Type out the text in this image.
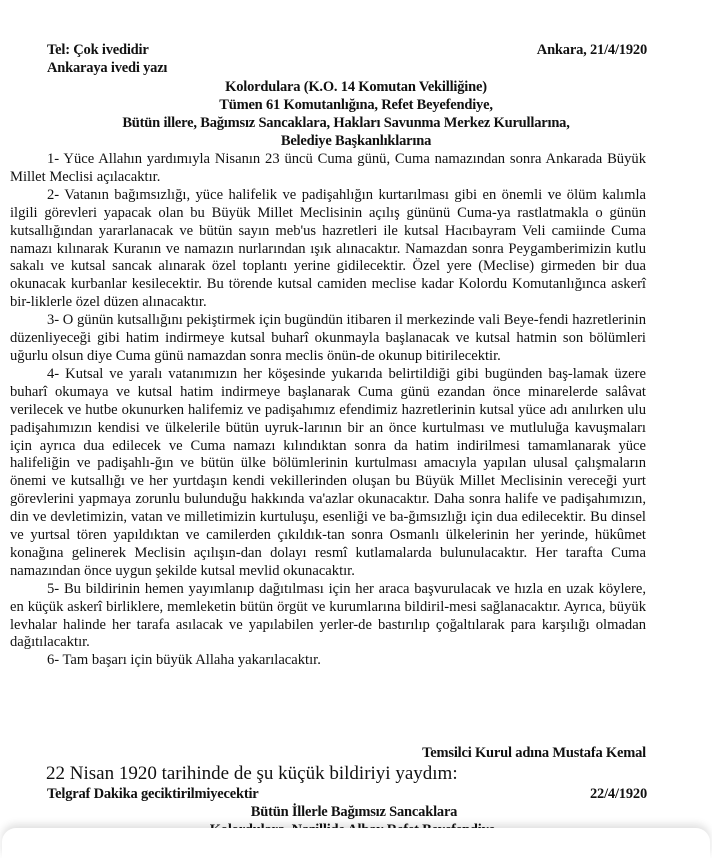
Tel: Çok ivedidir	Ankara, 21/4/1920
Ankaraya ivedi yazı
Kolordulara (K.O. 14 Komutan Vekilliğine)
Tümen 61 Komutanlığına, Refet Beyefendiye,
Bütün illere, Bağımsız Sancaklara, Hakları Savunma Merkez Kurullarına,
Belediye Başkanlıklarına

1- Yüce Allahın yardımıyla Nisanın 23 üncü Cuma günü, Cuma namazından sonra Ankarada Büyük Millet Meclisi açılacaktır.

2- Vatanın bağımsızlığı, yüce halifelik ve padişahlığın kurtarılması gibi en önemli ve ölüm kalımla ilgili görevleri yapacak olan bu Büyük Millet Meclisinin açılış gününü Cuma-ya rastlatmakla o günün kutsallığından yararlanacak ve bütün sayın meb'us hazretleri ile kutsal Hacıbayram Veli camiinde Cuma namazı kılınarak Kuranın ve namazın nurlarından ışık alınacaktır. Namazdan sonra Peygamberimizin kutlu sakalı ve kutsal sancak alınarak özel toplantı yerine gidilecektir. Özel yere (Meclise) girmeden bir dua okunacak kurbanlar kesilecektir. Bu törende kutsal camiden meclise kadar Kolordu Komutanlığınca askerî bir-liklerle özel düzen alınacaktır.

3- O günün kutsallığını pekiştirmek için bugündün itibaren il merkezinde vali Beye-fendi hazretlerinin düzenliyeceği gibi hatim indirmeye kutsal buharî okunmayla başlanacak ve kutsal hatmin son bölümleri uğurlu olsun diye Cuma günü namazdan sonra meclis önün-de okunup bitirilecektir.

4- Kutsal ve yaralı vatanımızın her köşesinde yukarıda belirtildiği gibi bugünden baş-lamak üzere buharî okumaya ve kutsal hatim indirmeye başlanarak Cuma günü ezandan önce minarelerde salâvat verilecek ve hutbe okunurken halifemiz ve padişahımız efendimiz hazretlerinin kutsal yüce adı anılırken ulu padişahımızın kendisi ve ülkelerile bütün uyruk-larının bir an önce kurtulması ve mutluluğa kavuşmaları için ayrıca dua edilecek ve Cuma namazı kılındıktan sonra da hatim indirilmesi tamamlanarak yüce halifeliğin ve padişahlı-ğın ve bütün ülke bölümlerinin kurtulması amacıyla yapılan ulusal çalışmaların önemi ve kutsallığı ve her yurtdaşın kendi vekillerinden oluşan bu Büyük Millet Meclisinin vereceği yurt görevlerini yapmaya zorunlu bulunduğu hakkında va'azlar okunacaktır. Daha sonra halife ve padişahımızın, din ve devletimizin, vatan ve milletimizin kurtuluşu, esenliği ve ba-ğımsızlığı için dua edilecektir. Bu dinsel ve yurtsal tören yapıldıktan ve camilerden çıkıldık-tan sonra Osmanlı ülkelerinin her yerinde, hükûmet konağına gelinerek Meclisin açılışın-dan dolayı resmî kutlamalarda bulunulacaktır. Her tarafta Cuma namazından önce uygun şekilde kutsal mevlid okunacaktır.

5- Bu bildirinin hemen yayımlanıp dağıtılması için her araca başvurulacak ve hızla en uzak köylere, en küçük askerî birliklere, memleketin bütün örgüt ve kurumlarına bildiril-mesi sağlanacaktır. Ayrıca, büyük levhalar halinde her tarafa asılacak ve yapılabilen yerler-de bastırılıp çoğaltılarak para karşılığı olmadan dağıtılacaktır.

6- Tam başarı için büyük Allaha yakarılacaktır.

Temsilci Kurul adına Mustafa Kemal
22 Nisan 1920 tarihinde de şu küçük bildiriyi yaydım:
Telgraf Dakika geciktirilmiyecektir	22/4/1920
Bütün İllerle Bağımsız Sancaklara
